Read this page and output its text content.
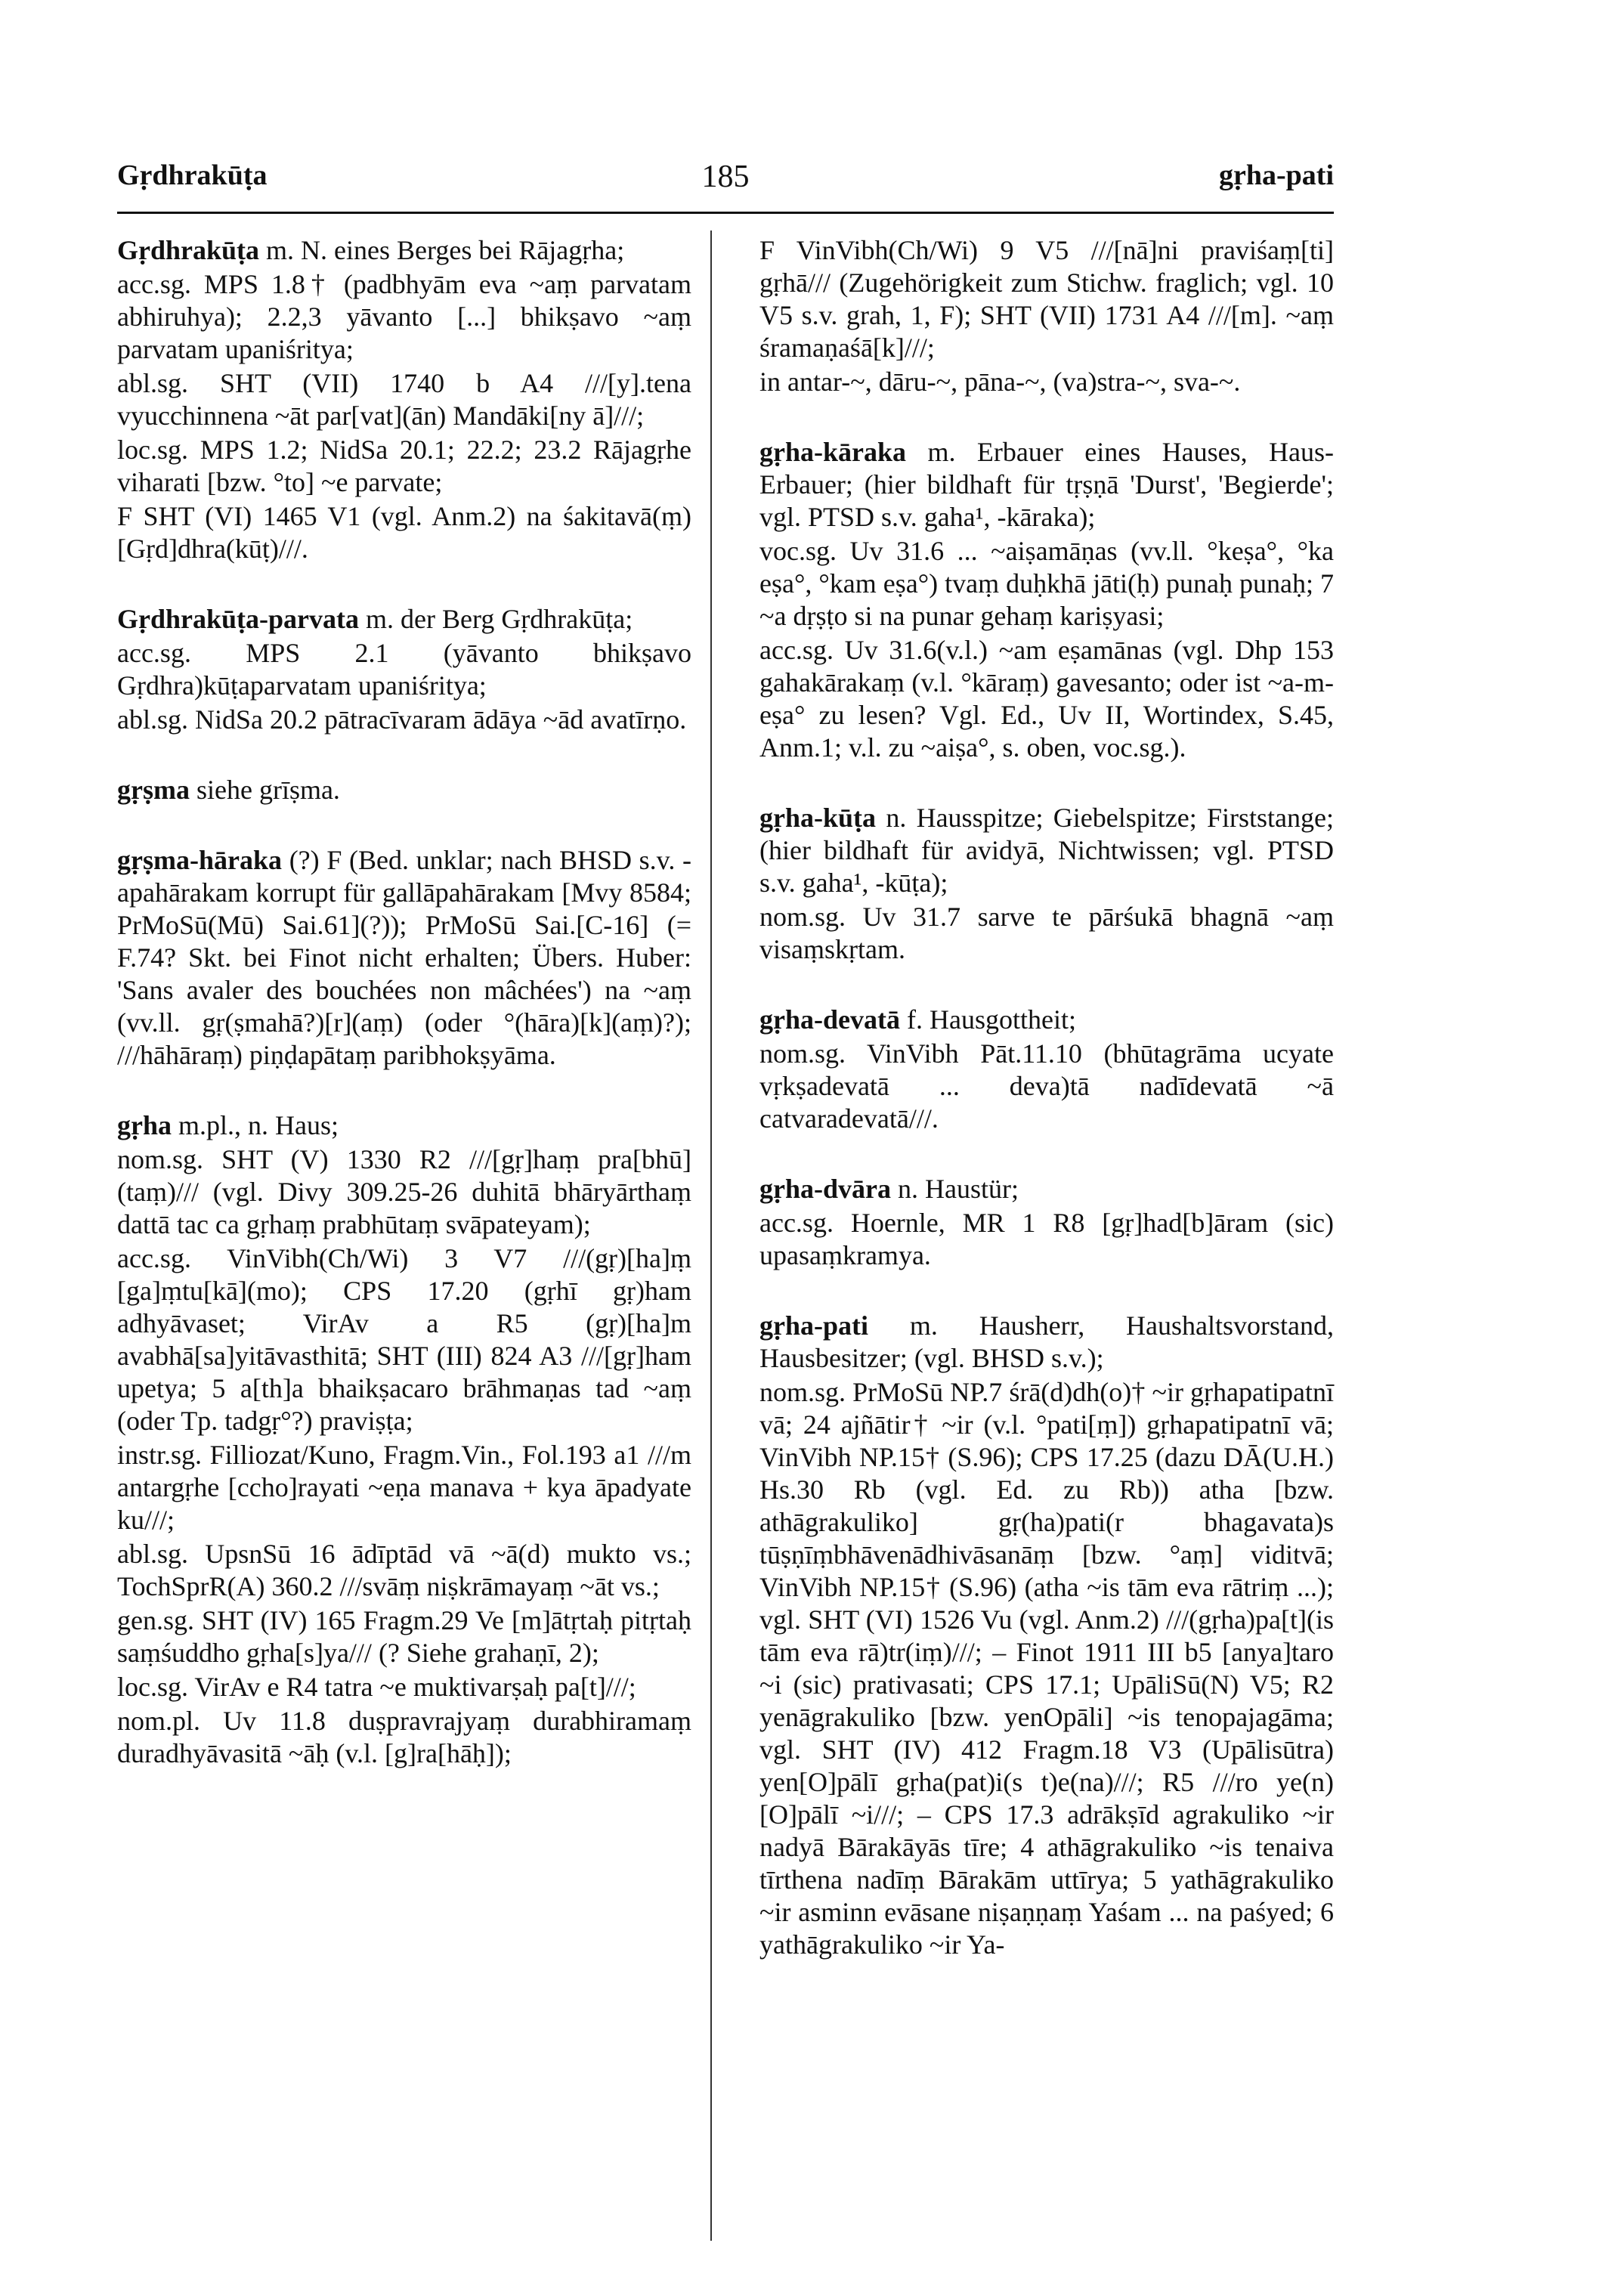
Gṛdhrakūṭa	185	gṛha-pati

Gṛdhrakūṭa m. N. eines Berges bei Rājagṛha;

acc.sg. MPS 1.8† (padbhyām eva ~aṃ parvatam abhiruhya); 2.2,3 yāvanto [...] bhikṣavo ~aṃ parvatam upaniśritya;

abl.sg. SHT (VII) 1740 b A4 ///[y].tena vyucchinnena ~āt par[vat](ān) Mandāki[ny ā]///;

loc.sg. MPS 1.2; NidSa 20.1; 22.2; 23.2 Rājagṛhe viharati [bzw. °to] ~e parvate;

F SHT (VI) 1465 V1 (vgl. Anm.2) na śakitavā(ṃ) [Gṛd]dhra(kūṭ)///.

Gṛdhrakūṭa-parvata m. der Berg Gṛdhrakūṭa;

acc.sg. MPS 2.1 (yāvanto bhikṣavo Gṛdhra)kūṭaparvatam upaniśritya;

abl.sg. NidSa 20.2 pātracīvaram ādāya ~ād avatīrṇo.

gṛṣma siehe grīṣma.

gṛṣma-hāraka (?) F (Bed. unklar; nach BHSD s.v. -apahārakam korrupt für gallāpahārakam [Mvy 8584; PrMoSū(Mū) Sai.61](?)); PrMoSū Sai.[C-16] (= F.74? Skt. bei Finot nicht erhalten; Übers. Huber: 'Sans avaler des bouchées non mâchées') na ~aṃ (vv.ll. gṛ(ṣmahā?)[r](aṃ) (oder °(hāra)[k](aṃ)?); ///hāhāraṃ) piṇḍapātaṃ paribhokṣyāma.

gṛha m.pl., n. Haus;

nom.sg. SHT (V) 1330 R2 ///[gṛ]haṃ pra[bhū](taṃ)/// (vgl. Divy 309.25-26 duhitā bhāryārthaṃ dattā tac ca gṛhaṃ prabhūtaṃ svāpateyam);

acc.sg. VinVibh(Ch/Wi) 3 V7 ///(gṛ)[ha]ṃ [ga]ṃtu[kā](mo); CPS 17.20 (gṛhī gṛ)ham adhyāvaset; VirAv a R5 (gṛ)[ha]m avabhā[sa]yitāvasthitā; SHT (III) 824 A3 ///[gṛ]ham upetya; 5 a[th]a bhaikṣacaro brāhmaṇas tad ~aṃ (oder Tp. tadgṛ°?) praviṣṭa;

instr.sg. Filliozat/Kuno, Fragm.Vin., Fol.193 a1 ///m antargṛhe [ccho]rayati ~eṇa manava + kya āpadyate ku///;

abl.sg. UpsnSū 16 ādīptād vā ~ā(d) mukto vs.; TochSprR(A) 360.2 ///svāṃ niṣkrāmayaṃ ~āt vs.;

gen.sg. SHT (IV) 165 Fragm.29 Ve [m]ātṛtaḥ pitṛtaḥ saṃśuddho gṛha[s]ya/// (? Siehe grahaṇī, 2);

loc.sg. VirAv e R4 tatra ~e muktivarṣaḥ pa[t]///;

nom.pl. Uv 11.8 duṣpravrajyaṃ durabhiramaṃ duradhyāvasitā ~āḥ (v.l. [g]ra[hāḥ]);

F VinVibh(Ch/Wi) 9 V5 ///[nā]ni praviśaṃ[ti] gṛhā/// (Zugehörigkeit zum Stichw. fraglich; vgl. 10 V5 s.v. grah, 1, F); SHT (VII) 1731 A4 ///[m]. ~aṃ śramaṇaśā[k]///;

in antar-~, dāru-~, pāna-~, (va)stra-~, sva-~.

gṛha-kāraka m. Erbauer eines Hauses, Haus-Erbauer; (hier bildhaft für tṛṣṇā 'Durst', 'Begierde'; vgl. PTSD s.v. gaha¹, -kāraka);

voc.sg. Uv 31.6 ... ~aiṣamāṇas (vv.ll. °keṣa°, °ka eṣa°, °kam eṣa°) tvaṃ duḥkhā jāti(ḥ) punaḥ punaḥ; 7 ~a dṛṣṭo si na punar gehaṃ kariṣyasi;

acc.sg. Uv 31.6(v.l.) ~am eṣamānas (vgl. Dhp 153 gahakārakaṃ (v.l. °kāraṃ) gavesanto; oder ist ~a-m-eṣa° zu lesen? Vgl. Ed., Uv II, Wortindex, S.45, Anm.1; v.l. zu ~aiṣa°, s. oben, voc.sg.).

gṛha-kūṭa n. Hausspitze; Giebelspitze; Firststange; (hier bildhaft für avidyā, Nichtwissen; vgl. PTSD s.v. gaha¹, -kūṭa);

nom.sg. Uv 31.7 sarve te pārśukā bhagnā ~aṃ visaṃskṛtam.

gṛha-devatā f. Hausgottheit;

nom.sg. VinVibh Pāt.11.10 (bhūtagrāma ucyate vṛkṣadevatā ... deva)tā nadīdevatā ~ā catvaradevatā///.

gṛha-dvāra n. Haustür;

acc.sg. Hoernle, MR 1 R8 [gṛ]had[b]āram (sic) upasaṃkramya.

gṛha-pati m. Hausherr, Haushaltsvorstand, Hausbesitzer; (vgl. BHSD s.v.);

nom.sg. PrMoSū NP.7 śrā(d)dh(o)† ~ir gṛhapatipatnī vā; 24 ajñātir† ~ir (v.l. °pati[ṃ]) gṛhapatipatnī vā; VinVibh NP.15† (S.96); CPS 17.25 (dazu DĀ(U.H.) Hs.30 Rb (vgl. Ed. zu Rb)) atha [bzw. athāgrakuliko] gṛ(ha)pati(r bhagavata)s tūṣṇīṃbhāvenādhivāsanāṃ [bzw. °aṃ] viditvā; VinVibh NP.15† (S.96) (atha ~is tām eva rātriṃ ...); vgl. SHT (VI) 1526 Vu (vgl. Anm.2) ///(gṛha)pa[t](is tām eva rā)tr(iṃ)///; – Finot 1911 III b5 [anya]taro ~i (sic) prativasati; CPS 17.1; UpāliSū(N) V5; R2 yenāgrakuliko [bzw. yenOpāli] ~is tenopajagāma; vgl. SHT (IV) 412 Fragm.18 V3 (Upālisūtra) yen[O]pālī gṛha(pat)i(s t)e(na)///; R5 ///ro ye(n)[O]pālī ~i///; – CPS 17.3 adrākṣīd agrakuliko ~ir nadyā Bārakāyās tīre; 4 athāgrakuliko ~is tenaiva tīrthena nadīṃ Bārakām uttīrya; 5 yathāgrakuliko ~ir asminn evāsane niṣaṇṇaṃ Yaśam ... na paśyed; 6 yathāgrakuliko ~ir Ya-
